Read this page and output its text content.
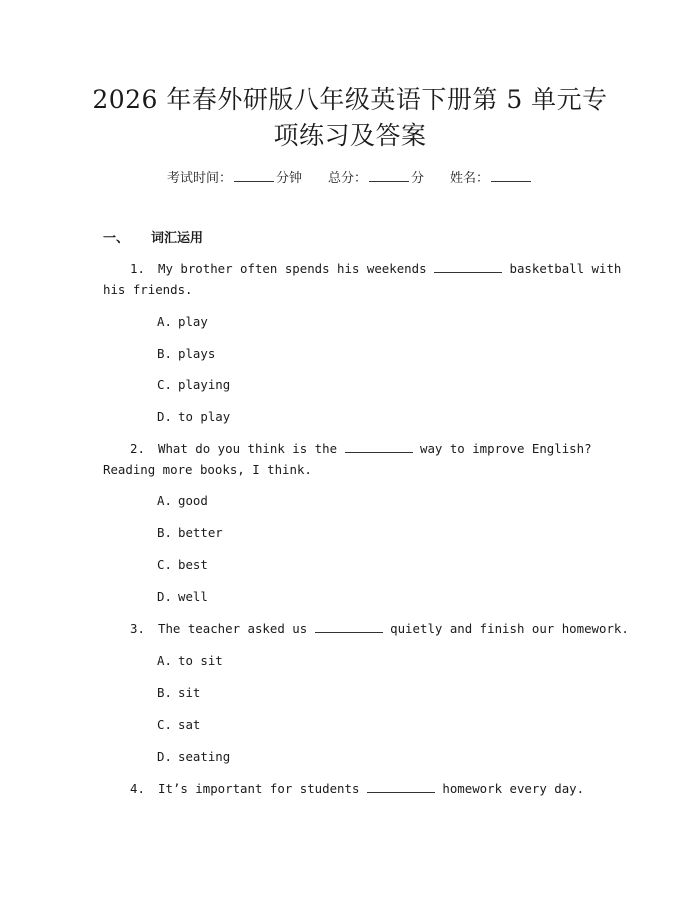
2026 年春外研版八年级英语下册第 5 单元专
项练习及答案
考试时间：	分钟 总分：	分 姓名：
一、 词汇运用
1. My brother often spends his weekends	basketball with
his friends.
A. play
B. plays
C. playing
D. to play
2. What do you think is the	way to improve English?
Reading more books, I think.
A. good
B. better
C. best
D. well
3. The teacher asked us	quietly and finish our homework.
A. to sit
B. sit
C. sat
D. seating
4. It’s important for students	homework every day.
